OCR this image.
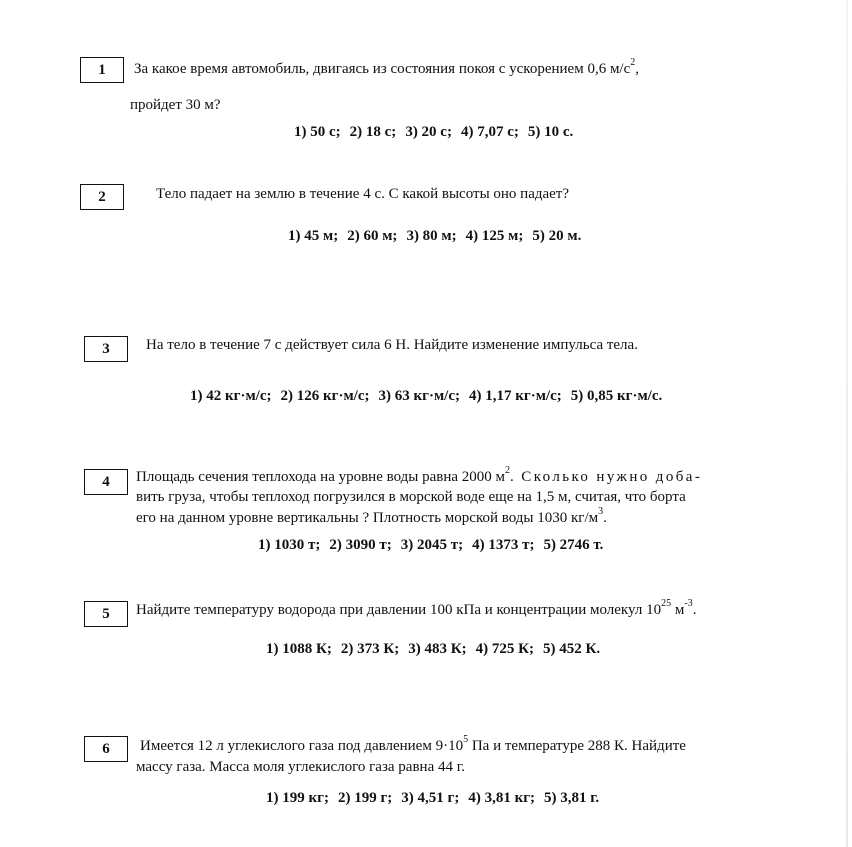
1	За какое время автомобиль, двигаясь из состояния покоя с ускорением 0,6 $м/с^2$,
пройдет 30 м?
1) 50 с; 2) 18 с; 3) 20 с; 4) 7,07 с; 5) 10 с.
2	Тело падает на землю в течение 4 с. С какой высоты оно падает?
1) 45 м; 2) 60 м; 3) 80 м; 4) 125 м; 5) 20 м.
3	На тело в течение 7 с действует сила 6 Н. Найдите изменение импульса тела.
1) 42 кг·м/с; 2) 126 кг·м/с; 3) 63 кг·м/с; 4) 1,17 кг·м/с; 5) 0,85 кг·м/с.
4	Площадь сечения теплохода на уровне воды равна 2000 $м^2$. Сколько нужно доба-
вить груза, чтобы теплоход погрузился в морской воде еще на 1,5 м, считая, что борта
его на данном уровне вертикальны ? Плотность морской воды 1030 $кг/м^3$.
1) 1030 т; 2) 3090 т; 3) 2045 т; 4) 1373 т; 5) 2746 т.
5	Найдите температуру водорода при давлении 100 кПа и концентрации молекул $10^{25}$ $м^{-3}$.
1) 1088 К; 2) 373 К; 3) 483 К; 4) 725 К; 5) 452 К.
6	Имеется 12 л углекислого газа под давлением $9\cdot 10^5$ Па и температуре 288 К. Найдите
массу газа. Масса моля углекислого газа равна 44 г.
1) 199 кг; 2) 199 г; 3) 4,51 г; 4) 3,81 кг; 5) 3,81 г.
